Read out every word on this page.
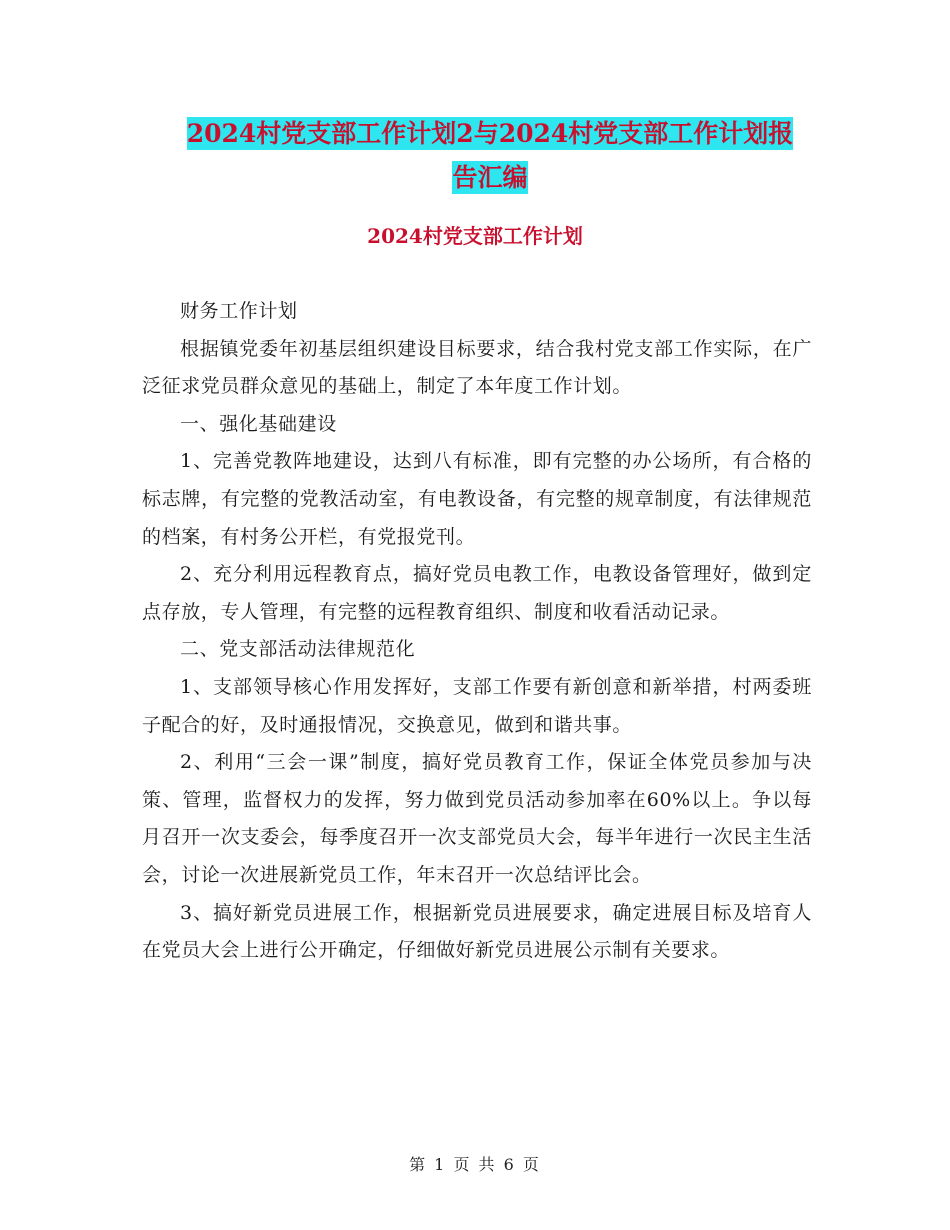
2024村党支部工作计划2与2024村党支部工作计划报
告汇编
2024村党支部工作计划

财务工作计划

根据镇党委年初基层组织建设目标要求，结合我村党支部工作实际，在广泛征求党员群众意见的基础上，制定了本年度工作计划。

一、强化基础建设

1、完善党教阵地建设，达到八有标准，即有完整的办公场所，有合格的标志牌，有完整的党教活动室，有电教设备，有完整的规章制度，有法律规范的档案，有村务公开栏，有党报党刊。

2、充分利用远程教育点，搞好党员电教工作，电教设备管理好，做到定点存放，专人管理，有完整的远程教育组织、制度和收看活动记录。

二、党支部活动法律规范化

1、支部领导核心作用发挥好，支部工作要有新创意和新举措，村两委班子配合的好，及时通报情况，交换意见，做到和谐共事。

2、利用“三会一课”制度，搞好党员教育工作，保证全体党员参加与决策、管理，监督权力的发挥，努力做到党员活动参加率在60%以上。争以每月召开一次支委会，每季度召开一次支部党员大会，每半年进行一次民主生活会，讨论一次进展新党员工作，年末召开一次总结评比会。

3、搞好新党员进展工作，根据新党员进展要求，确定进展目标及培育人在党员大会上进行公开确定，仔细做好新党员进展公示制有关要求。

第 1 页 共 6 页
